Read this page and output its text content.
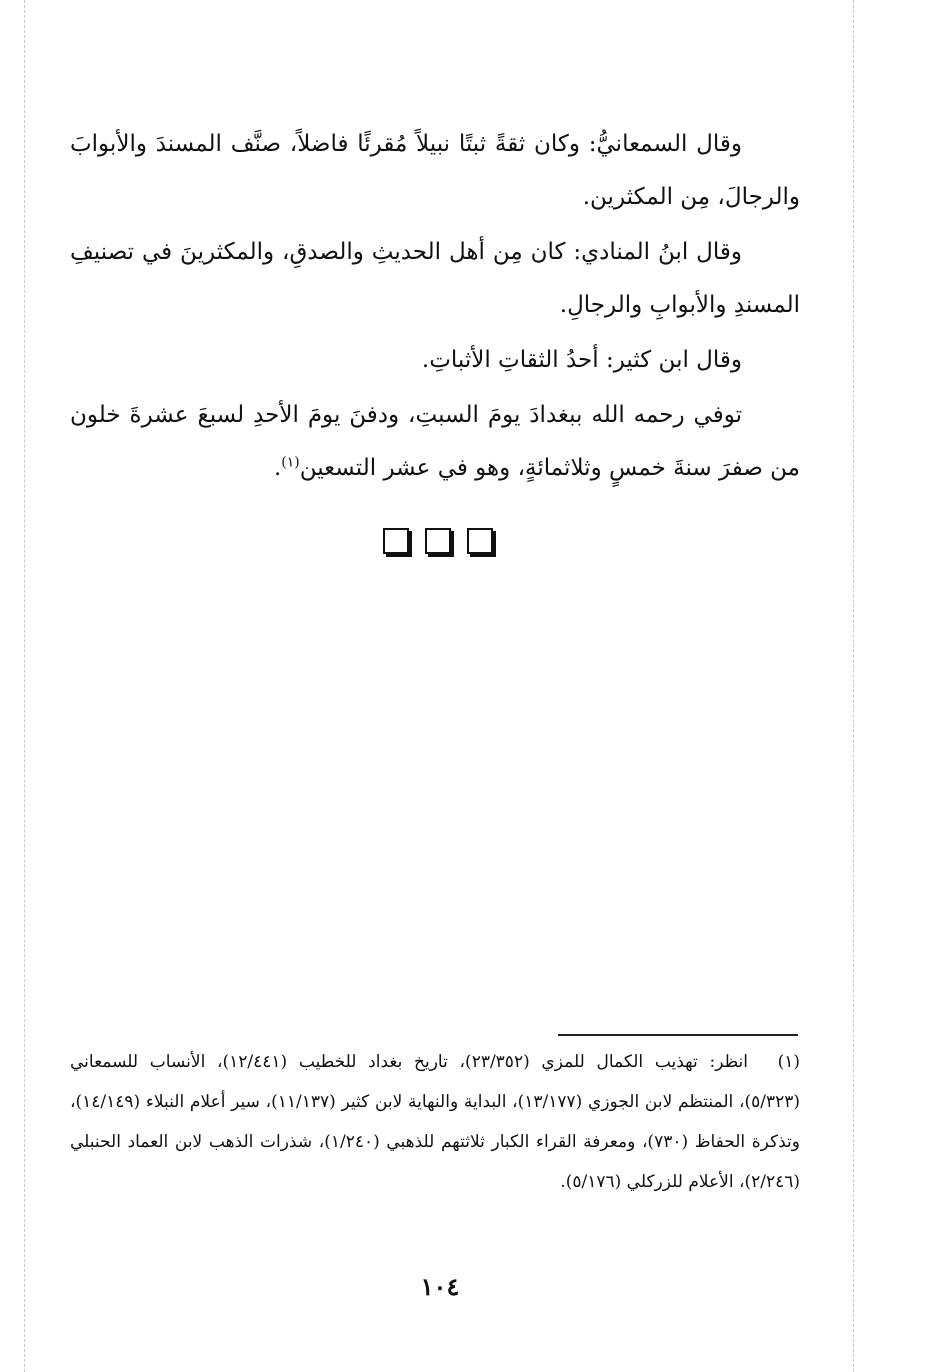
وقال السمعانيُّ: وكان ثقةً ثبتًا نبيلاً مُقرئًا فاضلاً، صنَّف المسندَ والأبوابَ والرجالَ، مِن المكثرين.

وقال ابنُ المنادي: كان مِن أهل الحديثِ والصدقِ، والمكثرينَ في تصنيفِ المسندِ والأبوابِ والرجالِ.

وقال ابن كثير: أحدُ الثقاتِ الأثباتِ.

توفي رحمه الله ببغدادَ يومَ السبتِ، ودفنَ يومَ الأحدِ لسبعَ عشرةَ خلون من صفرَ سنةَ خمسٍ وثلاثمائةٍ، وهو في عشر التسعين$^{(١)}$.

(١)انظر: تهذيب الكمال للمزي (٢٣/٣٥٢)، تاريخ بغداد للخطيب (١٢/٤٤١)، الأنساب للسمعاني (٥/٣٢٣)، المنتظم لابن الجوزي (١٣/١٧٧)، البداية والنهاية لابن كثير (١١/١٣٧)، سير أعلام النبلاء (١٤/١٤٩)، وتذكرة الحفاظ (٧٣٠)، ومعرفة القراء الكبار ثلاثتهم للذهبي (١/٢٤٠)، شذرات الذهب لابن العماد الحنبلي (٢/٢٤٦)، الأعلام للزركلي (٥/١٧٦).
١٠٤
